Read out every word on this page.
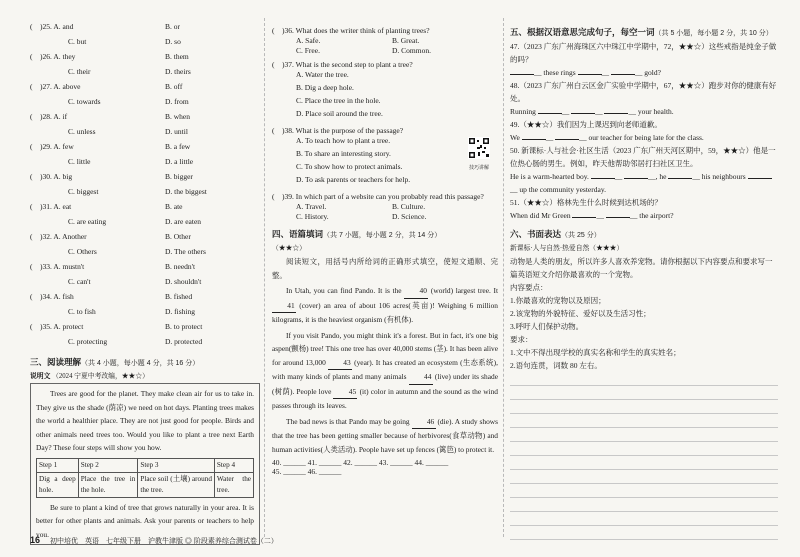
(　)25. A. and	B. or
C. but	D. so
(　)26. A. they	B. them
C. their	D. theirs
(　)27. A. above	B. off
C. towards	D. from
(　)28. A. if	B. when
C. unless	D. until
(　)29. A. few	B. a few
C. little	D. a little
(　)30. A. big	B. bigger
C. biggest	D. the biggest
(　)31. A. eat	B. ate
C. are eating	D. are eaten
(　)32. A. Another	B. Other
C. Others	D. The others
(　)33. A. mustn't	B. needn't
C. can't	D. shouldn't
(　)34. A. fish	B. fished
C. to fish	D. fishing
(　)35. A. protect	B. to protect
C. protecting	D. protected
三、阅读理解（共 4 小题，每小题 4 分，共 16 分）
说明文 （2024 宁夏中考改编，★★☆）

Trees are good for the planet. They make clean air for us to take in. They give us the shade (荫凉) we need on hot days. Planting trees makes the world a healthier place. They are not just good for people. Birds and other animals need trees too. Would you like to plant a tree next Earth Day? These four steps will show you how.

Step 1	Step 2	Step 3	Step 4
Dig a deep hole.	Place the tree in the hole.	Place soil (土壤) around the tree.	Water the tree.

Be sure to plant a kind of tree that grows naturally in your area. It is better for other plants and animals. Ask your parents or teachers to help you.

(　)36. What does the writer think of planting trees?
A. Safe.	B. Great.
C. Free.	D. Common.
(　)37. What is the second step to plant a tree?
A. Water the tree.
B. Dig a deep hole.
C. Place the tree in the hole.
D. Place soil around the tree.
(　)38. What is the purpose of the passage?
A. To teach how to plant a tree.
B. To share an interesting story.
C. To show how to protect animals.
D. To ask parents or teachers for help.
(　)39. In which part of a website can you probably read this passage?
A. Travel.	B. Culture.
C. History.	D. Science.
技巧讲解
四、语篇填词（共 7 小题，每小题 2 分，共 14 分）
（★★☆）

阅读短文，用括号内所给词的正确形式填空，使短文通顺、完整。

In Utah, you can find Pando. It is the 40 (world) largest tree. It 41 (cover) an area of about 106 acres(英亩)! Weighing 6 million kilograms, it is the heaviest organism (有机体).

If you visit Pando, you might think it's a forest. But in fact, it's one big aspen(颤杨) tree! This one tree has over 40,000 stems (茎). It has been alive for around 13,000 43 (year). It has created an ecosystem (生态系统), with many kinds of plants and many animals 44 (live) under its shade (树荫). People love 45 (it) color in autumn and the sound as the wind passes through its leaves.

The bad news is that Pando may be going 46 (die). A study shows that the tree has been getting smaller because of herbivores(食草动物) and human activities(人类活动). People have set up fences (篱笆) to protect it.

40. ______ 41. ______ 42. ______ 43. ______ 44. ______
45. ______ 46. ______
五、根据汉语意思完成句子，每空一词（共 5 小题，每小题 2 分，共 10 分）

47.（2023 广东广州海珠区六中珠江中学期中，72，★★☆）这些戒指是纯金子做的吗？

__ these rings	__	__ gold?

48.（2023 广东广州白云区金广实验中学期中，67，★★☆）跑步对你的健康有好处。

Running	__	__	__ your health.

49.（★★☆）我们因为上课迟到向老师道歉。

We	__	__ our teacher for being late for the class.

50. 新课标·人与社会·社区生活（2023 广东广州天河区期中，59，★★☆）他是一位热心肠的男生。例如，昨天他帮助邻居打扫社区卫生。

He is a warm-hearted boy.	__	__, he	__ his neighbours __ up the community yesterday.

51.（★★☆）格林先生什么时候到达机场的？

When did Mr Green	__	__ the airport?

六、书面表达（共 25 分）
新课标·人与自然·热爱自然（★★★）

动物是人类的朋友，所以许多人喜欢养宠物。请你根据以下内容要点和要求写一篇英语短文介绍你最喜欢的一个宠物。

内容要点：

1.你最喜欢的宠物以及原因；

2.该宠物的外貌特征、爱好以及生活习性；

3.呼吁人们保护动物。

要求：

1.文中不得出现学校的真实名称和学生的真实姓名；

2.语句连贯，词数 80 左右。

16 初中培优　英语　七年级下册　沪教牛津版 ◎ 阶段素养综合测试卷（二）
